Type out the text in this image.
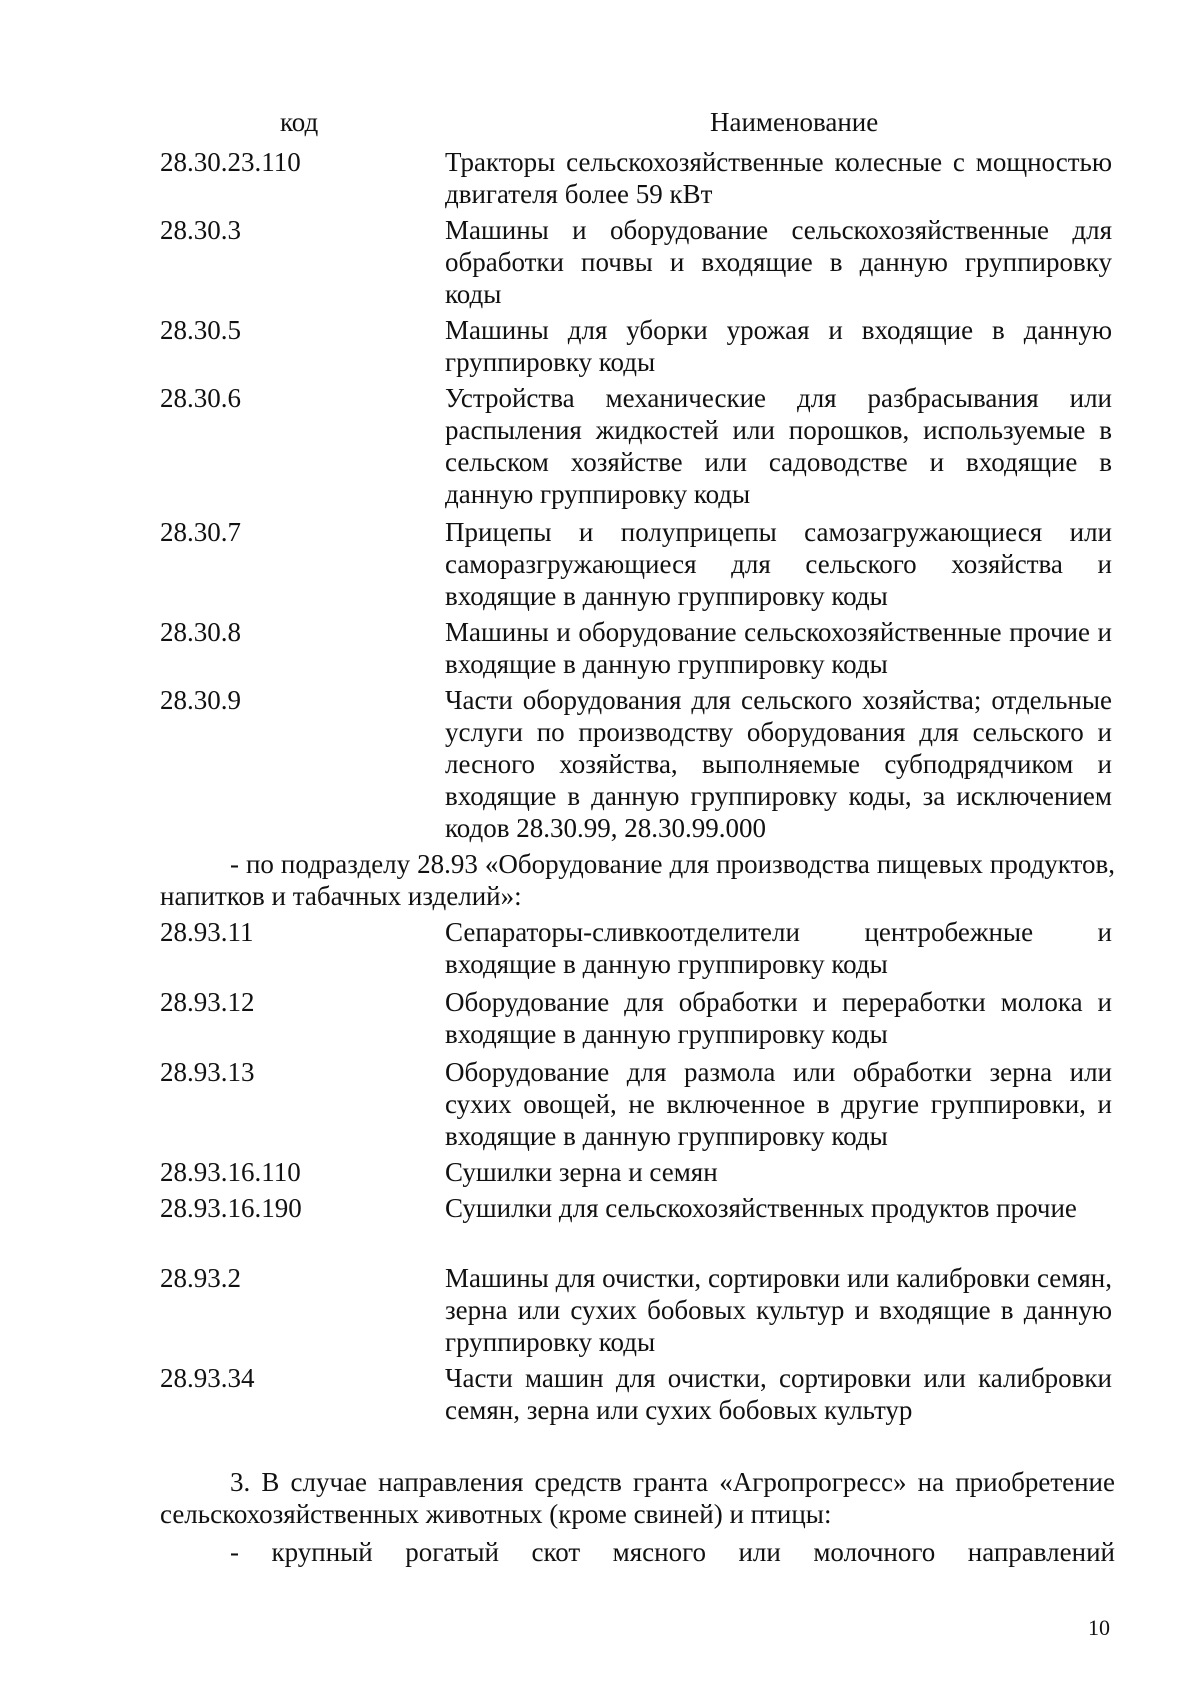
код	Наименование
28.30.23.110	Тракторы сельскохозяйственные колесные с мощностью двигателя более 59 кВт
28.30.3	Машины и оборудование сельскохозяйственные для обработки почвы и входящие в данную группировку коды
28.30.5	Машины для уборки урожая и входящие в данную группировку коды
28.30.6	Устройства механические для разбрасывания или распыления жидкостей или порошков, используемые в сельском хозяйстве или садоводстве и входящие в данную группировку коды
28.30.7	Прицепы и полуприцепы самозагружающиеся или саморазгружающиеся для сельского хозяйства и входящие в данную группировку коды
28.30.8	Машины и оборудование сельскохозяйственные прочие и входящие в данную группировку коды
28.30.9	Части оборудования для сельского хозяйства; отдельные услуги по производству оборудования для сельского и лесного хозяйства, выполняемые субподрядчиком и входящие в данную группировку коды, за исключением кодов 28.30.99, 28.30.99.000
- по подразделу 28.93 «Оборудование для производства пищевых продуктов, напитков и табачных изделий»:
28.93.11	Сепараторы-сливкоотделители центробежные и входящие в данную группировку коды
28.93.12	Оборудование для обработки и переработки молока и входящие в данную группировку коды
28.93.13	Оборудование для размола или обработки зерна или сухих овощей, не включенное в другие группировки, и входящие в данную группировку коды
28.93.16.110	Сушилки зерна и семян
28.93.16.190	Сушилки для сельскохозяйственных продуктов прочие
28.93.2	Машины для очистки, сортировки или калибровки семян, зерна или сухих бобовых культур и входящие в данную группировку коды
28.93.34	Части машин для очистки, сортировки или калибровки семян, зерна или сухих бобовых культур
3. В случае направления средств гранта «Агропрогресс» на приобретение сельскохозяйственных животных (кроме свиней) и птицы:
- крупный рогатый скот мясного или молочного направлений
10
